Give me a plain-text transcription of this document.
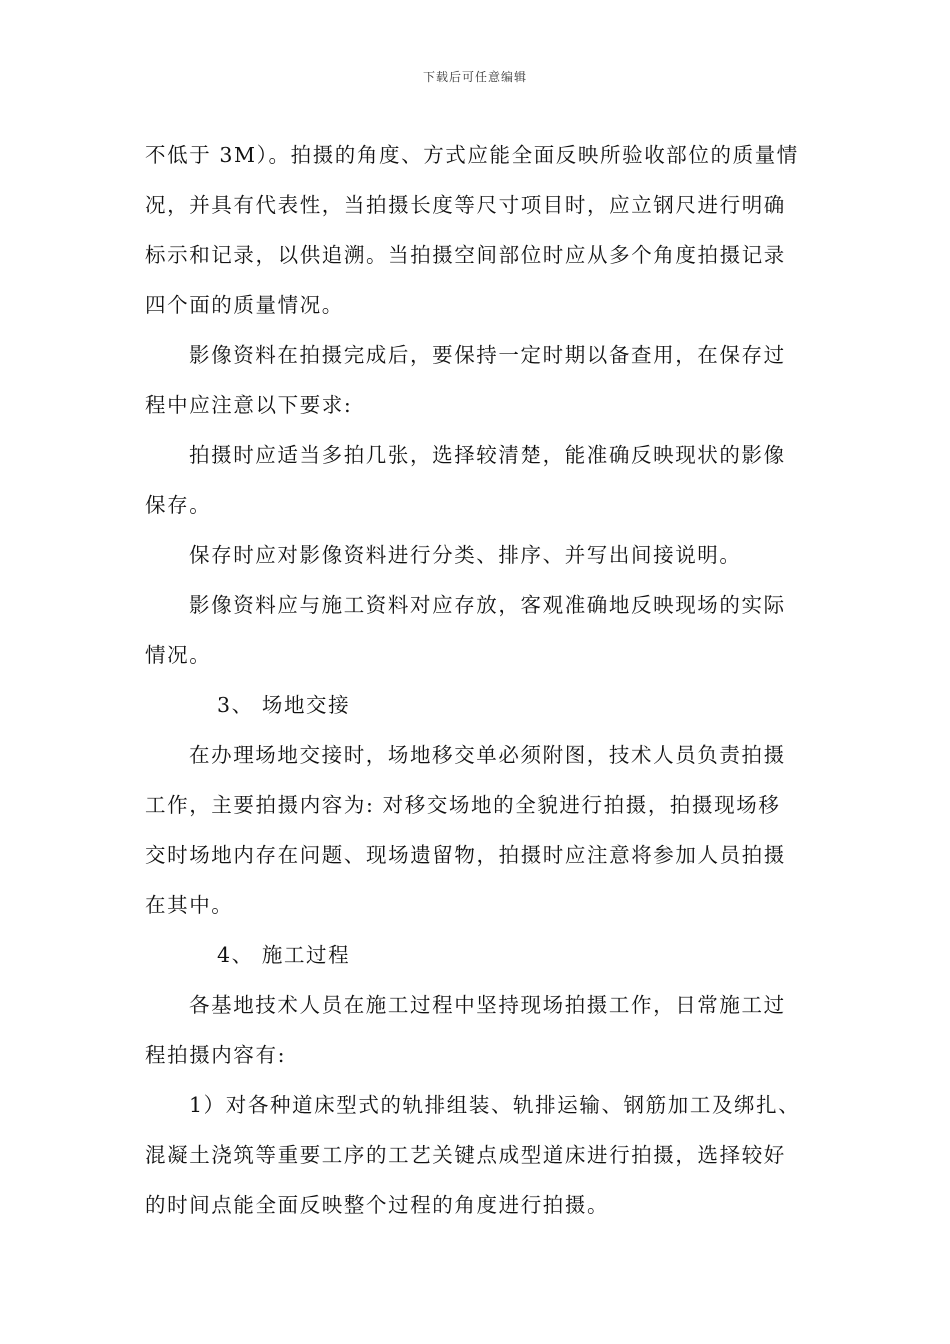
下载后可任意编辑
不低于 3M）。拍摄的角度、方式应能全面反映所验收部位的质量情
况，并具有代表性，当拍摄长度等尺寸项目时，应立钢尺进行明确
标示和记录，以供追溯。当拍摄空间部位时应从多个角度拍摄记录
四个面的质量情况。
影像资料在拍摄完成后，要保持一定时期以备查用，在保存过
程中应注意以下要求:
拍摄时应适当多拍几张，选择较清楚，能准确反映现状的影像
保存。
保存时应对影像资料进行分类、排序、并写出间接说明。
影像资料应与施工资料对应存放，客观准确地反映现场的实际
情况。
3、 场地交接
在办理场地交接时，场地移交单必须附图，技术人员负责拍摄
工作，主要拍摄内容为: 对移交场地的全貌进行拍摄，拍摄现场移
交时场地内存在问题、现场遗留物，拍摄时应注意将参加人员拍摄
在其中。
4、 施工过程
各基地技术人员在施工过程中坚持现场拍摄工作，日常施工过
程拍摄内容有:
1）对各种道床型式的轨排组装、轨排运输、钢筋加工及绑扎、
混凝土浇筑等重要工序的工艺关键点成型道床进行拍摄，选择较好
的时间点能全面反映整个过程的角度进行拍摄。
